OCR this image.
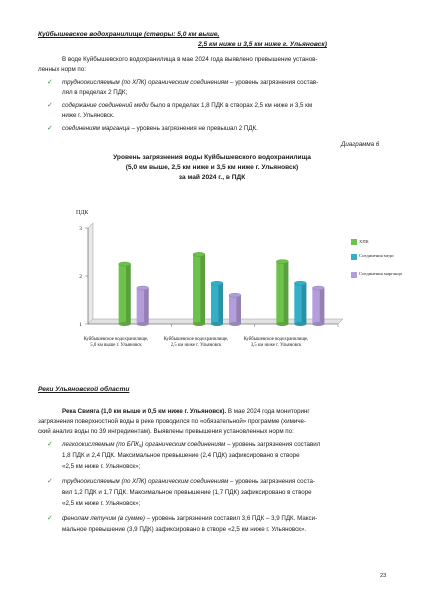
Куйбышевское водохранилище (створы: 5,0 км выше,
2,5 км ниже и 3,5 км ниже г. Ульяновск)
В воде Куйбышевского водохранилища в мае 2024 года выявлено превышение установ-
ленных норм по:
✓ трудноокисляемым (по ХПК) органическим соединениям – уровень загрязнения состав-
лял в пределах 2 ПДК;
✓ содержание соединений меди было в пределах 1,8 ПДК в створах 2,5 км ниже и 3,5 км
ниже г. Ульяновск.
✓ соединениям марганца – уровень загрязнения не превышал 2 ПДК.
Диаграмма 6
Уровень загрязнения воды Куйбышевского водохранилища
(5,0 км выше, 2,5 км ниже и 3,5 км ниже г. Ульяновск)
за май 2024 г., в ПДК
ПДК
3
2
1
Куйбышевское водохранилище, 5,0 км выше г. Ульяновск
Куйбышевское водохранилище, 2,5 км ниже г. Ульяновск
Куйбышевское водохранилище, 3,5 км ниже г. Ульяновск
ХПК
Соединения меди
Соединения марганца
Реки Ульяновской области
Река Свияга (1,0 км выше и 0,5 км ниже г. Ульяновск). В мае 2024 года мониторинг
загрязнения поверхностной воды в реке проводился по «обязательной» программе (химиче-
ский анализ воды по 39 ингредиентам). Выявлены превышения установленных норм по:
✓ легкоокисляемым (по БПК₅) органическим соединениям – уровень загрязнения составил
1,8 ПДК и 2,4 ПДК. Максимальное превышение (2,4 ПДК) зафиксировано в створе
«2,5 км ниже г. Ульяновск»;
✓ трудноокисляемым (по ХПК) органическим соединениям – уровень загрязнения соста-
вил 1,2 ПДК и 1,7 ПДК. Максимальное превышение (1,7 ПДК) зафиксировано в створе
«2,5 км ниже г. Ульяновск»;
✓ фенолам летучим (в сумме) – уровень загрязнения составил 3,6 ПДК – 3,9 ПДК. Макси-
мальное превышение (3,9 ПДК) зафиксировано в створе «2,5 км ниже г. Ульяновск».
23
